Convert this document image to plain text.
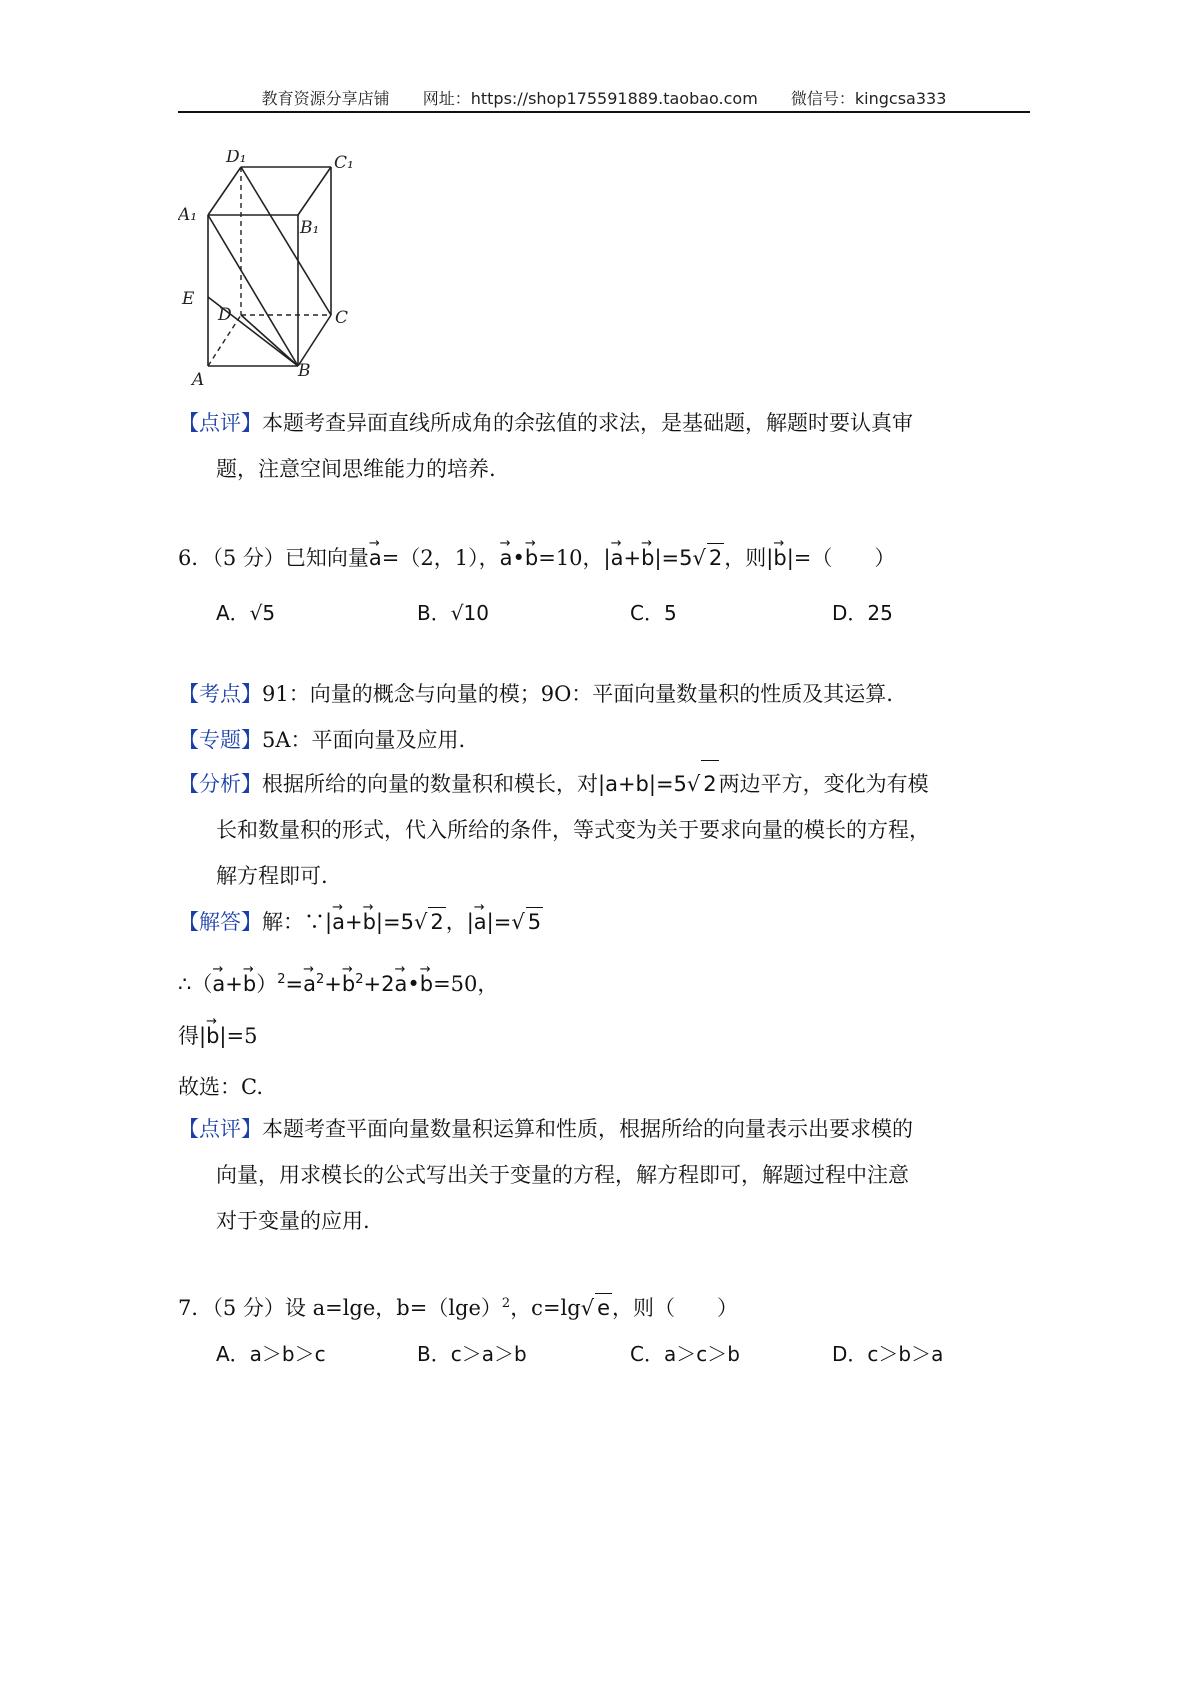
教育资源分享店铺 网址：https://shop175591889.taobao.com 微信号：kingcsa333
D₁	C₁
A₁
B₁
E
D	C
A	B
【点评】本题考查异面直线所成角的余弦值的求法，是基础题，解题时要认真审
题，注意空间思维能力的培养.
6．（5 分）已知向量→ a=（2，1），→ a•→ b=10，|→ a+→ b|=5√ 2，则|→ b|=（　　）
A．√5	B．√10	C．5	D．25
【考点】91：向量的概念与向量的模；9O：平面向量数量积的性质及其运算.
【专题】5A：平面向量及应用.
【分析】根据所给的向量的数量积和模长，对|a+b|=5√ 2两边平方，变化为有模
长和数量积的形式，代入所给的条件，等式变为关于要求向量的模长的方程，
解方程即可.
【解答】解：∵|→ a+→ b|=5√ 2，|→ a|=√ 5
∴（→ $a+\to b)^2=\to a^2+\to b^2+2\to$ a•→ b=50，
得|→ b|=5
故选：C.
【点评】本题考查平面向量数量积运算和性质，根据所给的向量表示出要求模的
向量，用求模长的公式写出关于变量的方程，解方程即可，解题过程中注意
对于变量的应用.
7．（5 分）设 a=lge，$b=(\lg e)^2$，c=lg√ e，则（　　）
A．a＞b＞c	B．c＞a＞b	C．a＞c＞b	D．c＞b＞a
